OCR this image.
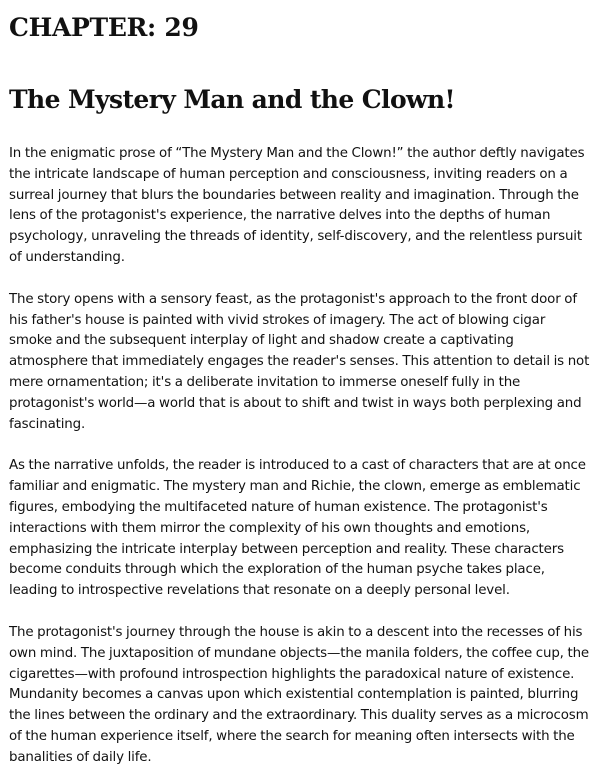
CHAPTER: 29
The Mystery Man and the Clown!

In the enigmatic prose of “The Mystery Man and the Clown!” the author deftly navigates the intricate landscape of human perception and consciousness, inviting readers on a surreal journey that blurs the boundaries between reality and imagination. Through the lens of the protagonist's experience, the narrative delves into the depths of human psychology, unraveling the threads of identity, self-discovery, and the relentless pursuit of understanding.

The story opens with a sensory feast, as the protagonist's approach to the front door of his father's house is painted with vivid strokes of imagery. The act of blowing cigar smoke and the subsequent interplay of light and shadow create a captivating atmosphere that immediately engages the reader's senses. This attention to detail is not mere ornamentation; it's a deliberate invitation to immerse oneself fully in the protagonist's world—a world that is about to shift and twist in ways both perplexing and fascinating.

As the narrative unfolds, the reader is introduced to a cast of characters that are at once familiar and enigmatic. The mystery man and Richie, the clown, emerge as emblematic figures, embodying the multifaceted nature of human existence. The protagonist's interactions with them mirror the complexity of his own thoughts and emotions, emphasizing the intricate interplay between perception and reality. These characters become conduits through which the exploration of the human psyche takes place, leading to introspective revelations that resonate on a deeply personal level.

The protagonist's journey through the house is akin to a descent into the recesses of his own mind. The juxtaposition of mundane objects—the manila folders, the coffee cup, the cigarettes—with profound introspection highlights the paradoxical nature of existence. Mundanity becomes a canvas upon which existential contemplation is painted, blurring the lines between the ordinary and the extraordinary. This duality serves as a microcosm of the human experience itself, where the search for meaning often intersects with the banalities of daily life.
